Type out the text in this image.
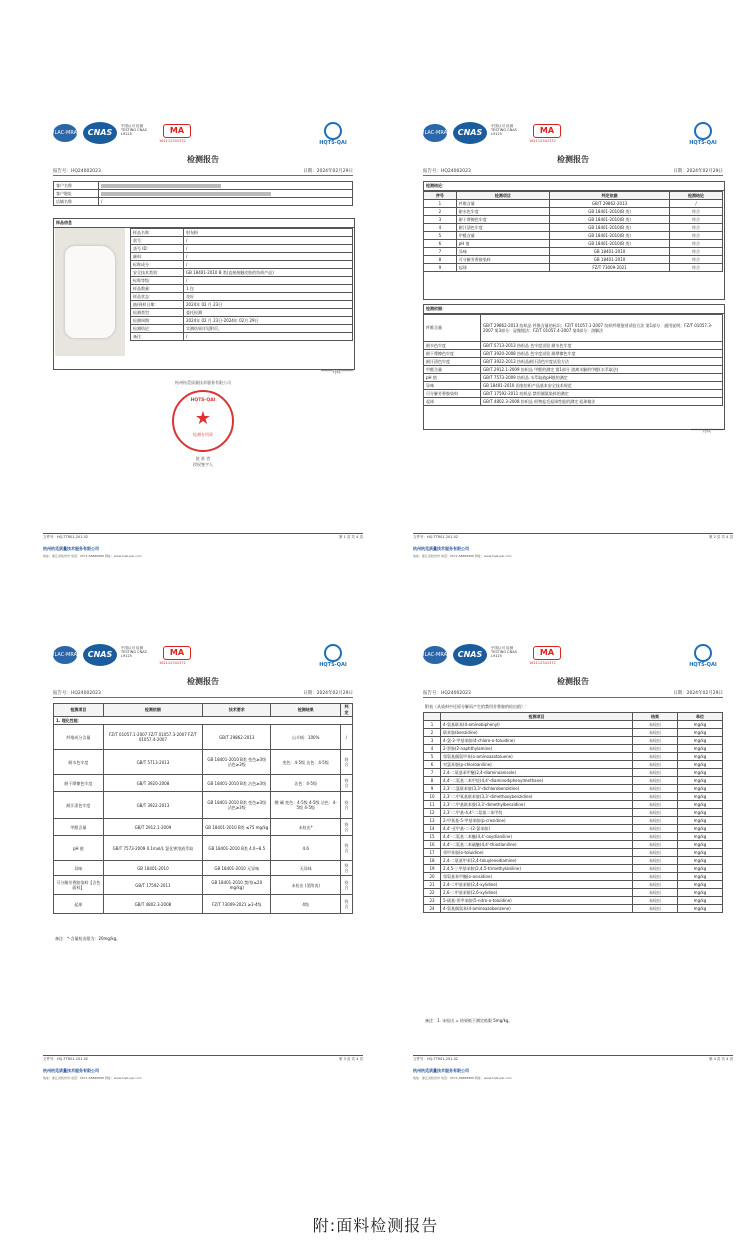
ILAC-MRA	CNAS
中国认可 检测 TESTING CNAS L9125	MA
161112341372	HQTS-QAI
检测报告
报告号：HQ24002023	日期：2024年02月29日
客户名称	
客户地址	
店铺名称	/
样品信息
样品名称：	射布粉
款号：	/
货号 ID：	/
颜料：	/
标称成分：	/
安全技术类别：	GB 18401-2010 B 类(直接接触皮肤的纺织产品)
标称等级：	/
样品数量：	1 包
样品状态：	良好
抽/到样日期：	2024年 02 月 23日
检测类型：	委托检测
检测周期：	2024年 02 月 23日-2024年 02月 29日
检测结论：	实测结果详见附页。
备注：	/
******待续******
杭州杭觅质量技术服务有限公司
HQTS-QAI
★
检测专用章
批 准 者
授权签字人
文件号：HQ-TTR01-201.02	第 1 页 共 4 页
杭州杭觅质量技术服务有限公司
地址：浙江省杭州市 电话：0571-88888888 网址：www.hqts-qai.com
ILAC-MRA	CNAS
中国认可 检测 TESTING CNAS L9125	MA
161112341372	HQTS-QAI
检测报告
报告号：HQ24002023	日期：2024年02月29日
检测结论：
序号	检测项目	判定依据	检测结论
1	纤维含量	GB/T 29862-2013	/
2	耐水色牢度	GB 18401-2010(B 类)	符合
3	耐干摩擦色牢度	GB 18401-2010(B 类)	符合
4	耐汗渍色牢度	GB 18401-2010(B 类)	符合
5	甲醛含量	GB 18401-2010(B 类)	符合
6	pH 值	GB 18401-2010(B 类)	符合
7	异味	GB 18401-2010	符合
8	可分解芳香胺染料	GB 18401-2010	符合
9	起球	FZ/T 73009-2021	符合
检测依据：
纤维含量	GB/T 29862-2013 纺织品 纤维含量的标识；FZ/T 01057.1-2007 纺织纤维鉴别试验方法 第1部分：通用说明；FZ/T 01057.3-2007 第3部分：显微镜法；FZ/T 01057.4-2007 第4部分：溶解法
耐水色牢度	GB/T 5713-2013 纺织品 色牢度试验 耐水色牢度
耐干摩擦色牢度	GB/T 3920-2008 纺织品 色牢度试验 耐摩擦色牢度
耐汗渍色牢度	GB/T 3922-2013 纺织品耐汗渍色牢度试验方法
甲醛含量	GB/T 2912.1-2009 纺织品 甲醛的测定 第1部分 游离水解的甲醛(水萃取法)
pH 值	GB/T 7573-2009 纺织品 水萃取液pH值的测定
异味	GB 18401-2010 国家纺织产品基本安全技术规范
可分解芳香胺染料	GB/T 17592-2011 纺织品 禁用偶氮染料的测定
起球	GB/T 4802.3-2008 纺织品 织物起毛起球性能的测定 起球箱法
******待续******
文件号：HQ-TTR01-201.02	第 2 页 共 4 页
杭州杭觅质量技术服务有限公司
地址：浙江省杭州市 电话：0571-88888888 网址：www.hqts-qai.com
ILAC-MRA	CNAS
中国认可 检测 TESTING CNAS L9125	MA
161112341372	HQTS-QAI
检测报告
报告号：HQ24002023	日期：2024年02月29日
检测项目	检测依据	技术要求	检测结果	判定
1. 理化性能：				
纤维成分含量	FZ/T 01057.1-2007 FZ/T 01057.3-2007 FZ/T 01057.4-2007	GB/T 29862-2013	山羊绒：100%	/
耐水色牢度	GB/T 5713-2013	GB 18401-2010 B类 变色≥3级 沾色≥3级	变色：4-5级 沾色：4-5级	符合
耐干摩擦色牢度	GB/T 3920-2008	GB 18401-2010 B类 沾色≥3级	沾色：4-5级	符合
耐汗渍色牢度	GB/T 3922-2013	GB 18401-2010 B类 变色≥3级 沾色≥3级	酸 碱 变色：4-5级 4-5级 沾色：4-5级 4-5级	符合
甲醛含量	GB/T 2912.1-2009	GB 18401-2010 B类 ≤75 mg/kg	未检出*	符合
pH 值	GB/T 7573-2009 0.1mol/L 氯化钾溶液萃取	GB 18401-2010 B类 4.0~8.5	4.6	符合
异味	GB 18401-2010	GB 18401-2010 无异味	无异味	符合
可分解芳香胺染料【含色面料】	GB/T 17592-2011	GB 18401-2010 禁用(≤20 mg/kg)	未检出 (见附表)	符合
起球	GB/T 4802.3-2008	FZ/T 73009-2021 ≥3-4级	4级	符合
备注：*-含量检出限为：20mg/kg。
文件号：HQ-TTR01-201.02	第 3 页 共 4 页
杭州杭觅质量技术服务有限公司
地址：浙江省杭州市 电话：0571-88888888 网址：www.hqts-qai.com
ILAC-MRA	CNAS
中国认可 检测 TESTING CNAS L9125	MA
161112341372	HQTS-QAI
检测报告
报告号：HQ24002023	日期：2024年02月29日
附表（从染料中还原分解而产生的禁用芳香胺的检出值）：
	检测项目	结果	单位
1	4-氨基联苯(4-aminobiphenyl)	未检出	mg/kg
2	联苯胺(benzidine)	未检出	mg/kg
3	4-氯-2-甲基苯胺(4-chloro-o-toluidine)	未检出	mg/kg
4	2-萘胺(2-naphthylamine)	未检出	mg/kg
5	邻氨基偶氮甲苯(o-aminoazotoluene)	未检出	mg/kg
6	对氯苯胺(p-chloroaniline)	未检出	mg/kg
7	2,4-二氨基苯甲醚(2,4-diaminoanisole)	未检出	mg/kg
8	4,4'-二氨基二苯甲烷(4,4'-diaminodiphenylmethane)	未检出	mg/kg
9	3,3'-二氯联苯胺(3,3'-dichlorobenzidine)	未检出	mg/kg
10	3,3'-二甲氧基联苯胺(3,3'-dimethoxybenzidine)	未检出	mg/kg
11	3,3'-二甲基联苯胺(3,3'-dimethylbenzidine)	未检出	mg/kg
12	3,3'-二甲基-4,4'-二氨基二苯甲烷	未检出	mg/kg
13	2-甲氧基-5-甲基苯胺(p-cresidine)	未检出	mg/kg
14	4,4'-亚甲基-二-(2-氯苯胺)	未检出	mg/kg
15	4,4'-二氨基二苯醚(4,4'-oxydianiline)	未检出	mg/kg
16	4,4'-二氨基二苯硫醚(4,4'-thiodianiline)	未检出	mg/kg
17	邻甲苯胺(o-toluidine)	未检出	mg/kg
18	2,4-二氨基甲苯(2,4-toluylenediamine)	未检出	mg/kg
19	2,4,5-三甲基苯胺(2,4,5-trimethylaniline)	未检出	mg/kg
20	邻氨基苯甲醚(o-anisidine)	未检出	mg/kg
21	2,4-二甲基苯胺(2,4-xylidine)	未检出	mg/kg
22	2,6-二甲基苯胺(2,6-xylidine)	未检出	mg/kg
23	5-硝基-邻甲苯胺(5-nitro-o-toluidine)	未检出	mg/kg
24	4-氨基偶氮苯(4-aminoazobenzene)	未检出	mg/kg
备注：1. 未检出 = 结果低于测定低限 5mg/kg。
文件号：HQ-TTR01-201.02	第 4 页 共 4 页
杭州杭觅质量技术服务有限公司
地址：浙江省杭州市 电话：0571-88888888 网址：www.hqts-qai.com
附:面料检测报告
